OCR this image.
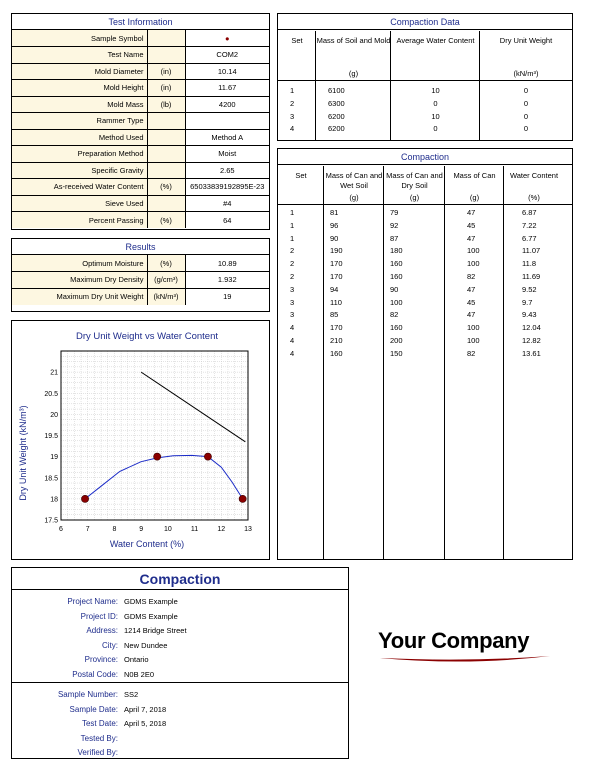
Test Information
Sample Symbol		●
Test Name		COM2
Mold Diameter	(in)	10.14
Mold Height	(in)	11.67
Mold Mass	(lb)	4200
Rammer Type		
Method Used		Method A
Preparation Method		Moist
Specific Gravity		2.65
As-received Water Content	(%)	65033839192895E-23
Sieve Used		#4
Percent Passing	(%)	64
Results
Optimum Moisture	(%)	10.89
Maximum Dry Density	(g/cm³)	1.932
Maximum Dry Unit Weight	(kN/m³)	19
Dry Unit Weight vs Water Content
Water Content (%)
Dry Unit Weight (kN/m³)
6	7	8	9	10	11	12	13
17.5
18
18.5
19
19.5
20
20.5
21
Compaction Data
Set	Mass of Soil and Mold
(g)
Average Water Content	Dry Unit Weight
(kN/m³)
1	6100	10	0
2	6300	0	0
3	6200	10	0
4	6200	0	0
Compaction
Set	Mass of Can and Wet Soil
(g)
Mass of Can and Dry Soil
(g)
Mass of Can
(g)
Water Content
(%)
1	81	79	47	6.87
1	96	92	45	7.22
1	90	87	47	6.77
2	190	180	100	11.07
2	170	160	100	11.8
2	170	160	82	11.69
3	94	90	47	9.52
3	110	100	45	9.7
3	85	82	47	9.43
4	170	160	100	12.04
4	210	200	100	12.82
4	160	150	82	13.61
Compaction
Project Name: GDMS Example
Project ID: GDMS Example
Address: 1214 Bridge Street
City: New Dundee
Province: Ontario
Postal Code: N0B 2E0
Sample Number: SS2
Sample Date: April 7, 2018
Test Date: April 5, 2018
Tested By:
Verified By:
Your Company
